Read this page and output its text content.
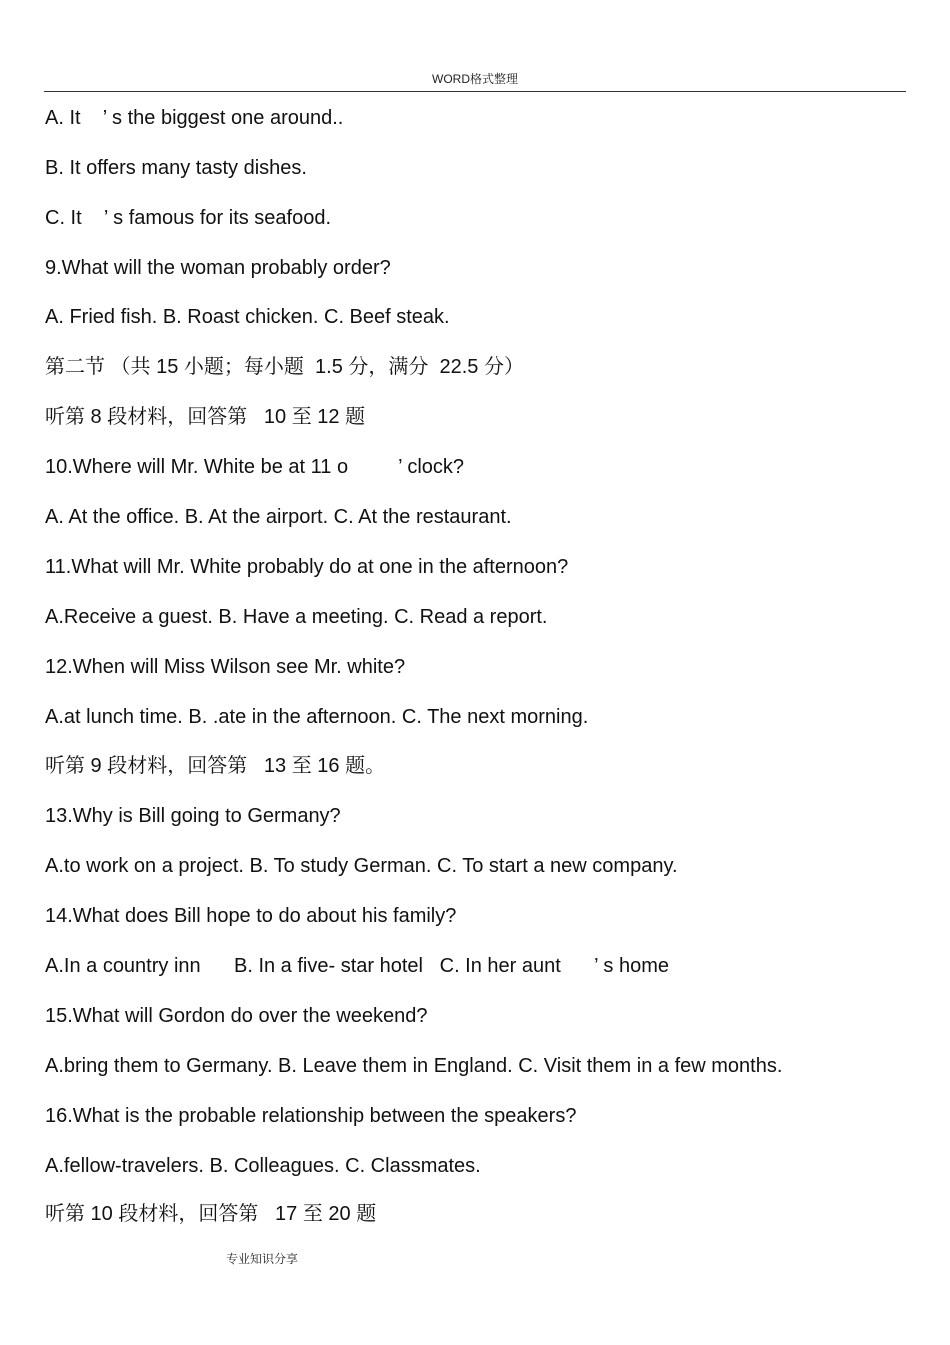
WORD格式整理
A. It    ’ s the biggest one around..
B. It offers many tasty dishes.
C. It    ’ s famous for its seafood.
9.What will the woman probably order?
A. Fried fish. B. Roast chicken. C. Beef steak.
第二节 （共 15 小题；每小题  1.5 分，满分  22.5 分）
听第 8 段材料，回答第   10 至 12 题
10.Where will Mr. White be at 11 o         ’ clock?
A. At the office. B. At the airport. C. At the restaurant.
11.What will Mr. White probably do at one in the afternoon?
A.Receive a guest. B. Have a meeting. C. Read a report.
12.When will Miss Wilson see Mr. white?
A.at lunch time. B. .ate in the afternoon. C. The next morning.
听第 9 段材料，回答第   13 至 16 题。
13.Why is Bill going to Germany?
A.to work on a project. B. To study German. C. To start a new company.
14.What does Bill hope to do about his family?
A.In a country inn      B. In a five- star hotel   C. In her aunt      ’ s home
15.What will Gordon do over the weekend?
A.bring them to Germany. B. Leave them in England. C. Visit them in a few months.
16.What is the probable relationship between the speakers?
A.fellow-travelers. B. Colleagues. C. Classmates.
听第 10 段材料，回答第   17 至 20 题
专业知识分享
